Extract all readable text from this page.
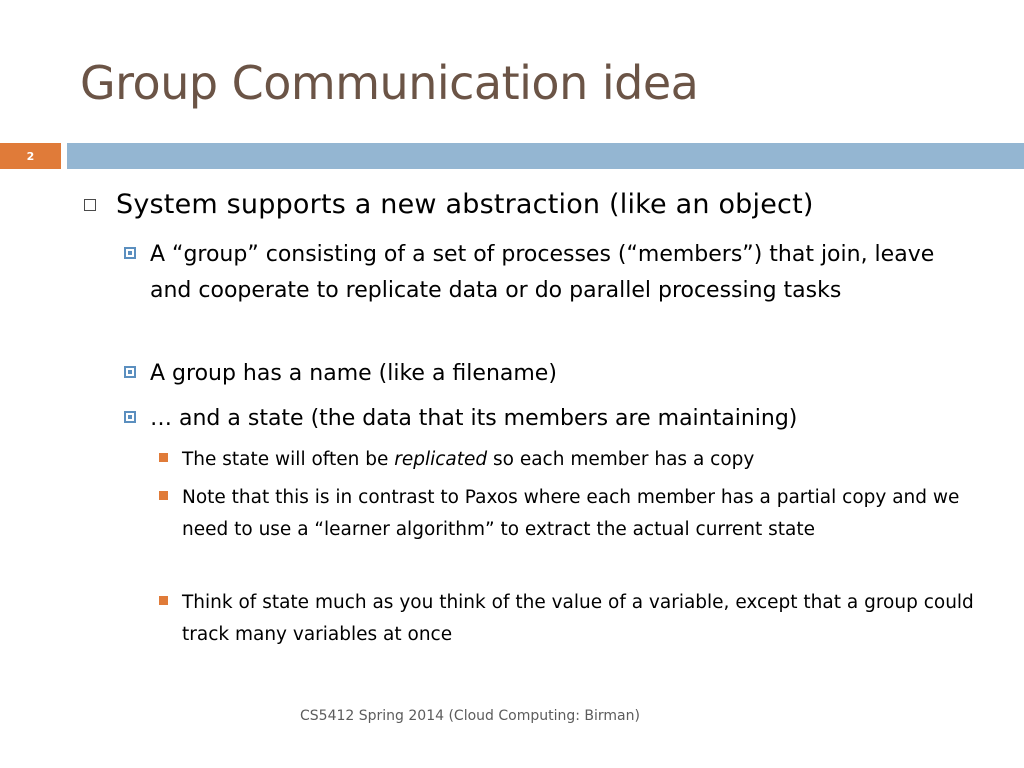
Group Communication idea
2
System supports a new abstraction (like an object)
A “group” consisting of a set of processes (“members”) that join, leave and cooperate to replicate data or do parallel processing tasks
A group has a name (like a filename)
… and a state (the data that its members are maintaining)
The state will often be replicated so each member has a copy
Note that this is in contrast to Paxos where each member has a partial copy and we need to use a “learner algorithm” to extract the actual current state
Think of state much as you think of the value of a variable, except that a group could track many variables at once
CS5412 Spring 2014 (Cloud Computing: Birman)
